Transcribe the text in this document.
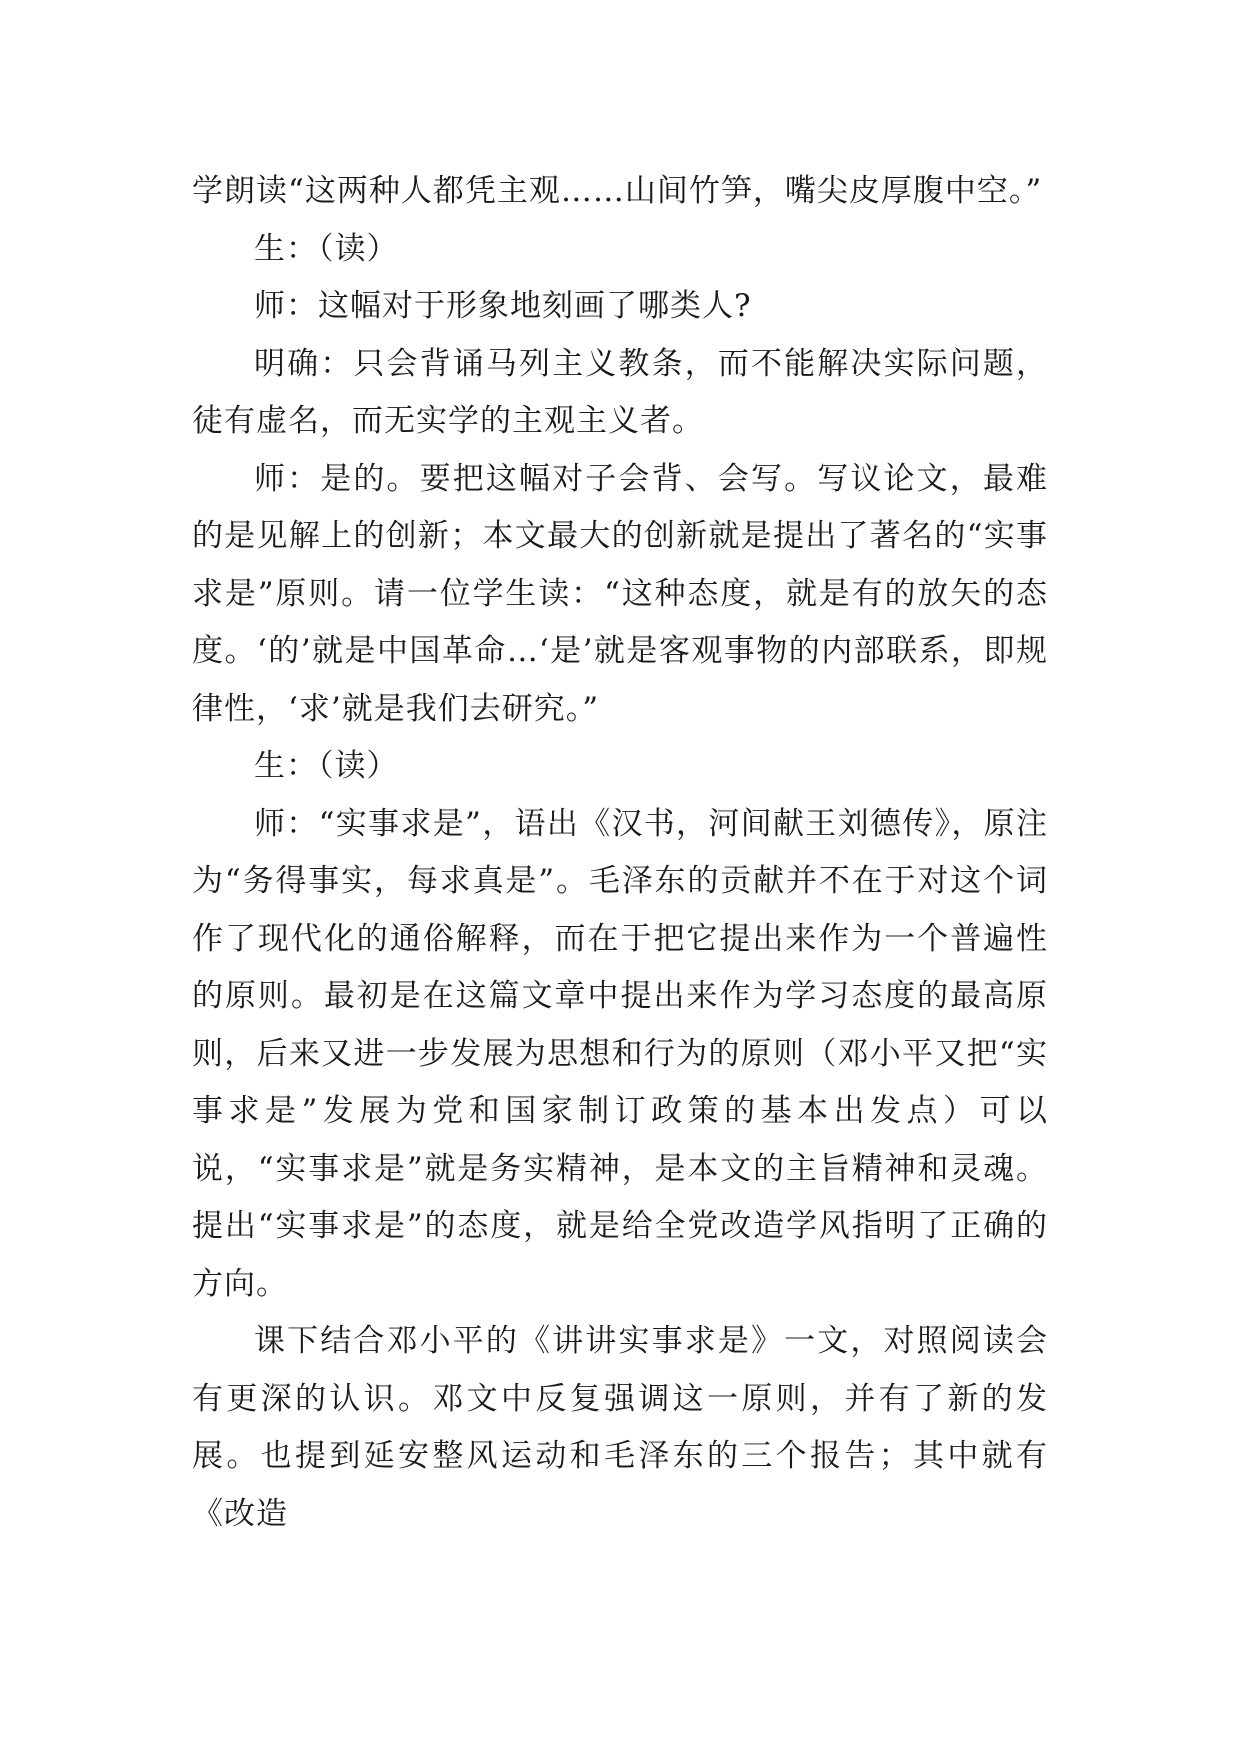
学朗读“这两种人都凭主观……山间竹笋，嘴尖皮厚腹中空。”

生：（读）

师：这幅对于形象地刻画了哪类人?

明确：只会背诵马列主义教条，而不能解决实际问题，徒有虚名，而无实学的主观主义者。

师：是的。要把这幅对子会背、会写。写议论文，最难的是见解上的创新；本文最大的创新就是提出了著名的“实事求是”原则。请一位学生读：“这种态度，就是有的放矢的态度。‘的’就是中国革命…‘是’就是客观事物的内部联系，即规律性，‘求’就是我们去研究。”

生：（读）

师：“实事求是”，语出《汉书，河间献王刘德传》，原注为“务得事实，每求真是”。毛泽东的贡献并不在于对这个词作了现代化的通俗解释，而在于把它提出来作为一个普遍性的原则。最初是在这篇文章中提出来作为学习态度的最高原则，后来又进一步发展为思想和行为的原则（邓小平又把“实事求是”发展为党和国家制订政策的基本出发点）可以说，“实事求是”就是务实精神，是本文的主旨精神和灵魂。提出“实事求是”的态度，就是给全党改造学风指明了正确的方向。

课下结合邓小平的《讲讲实事求是》一文，对照阅读会有更深的认识。邓文中反复强调这一原则，并有了新的发展。也提到延安整风运动和毛泽东的三个报告；其中就有《改造
